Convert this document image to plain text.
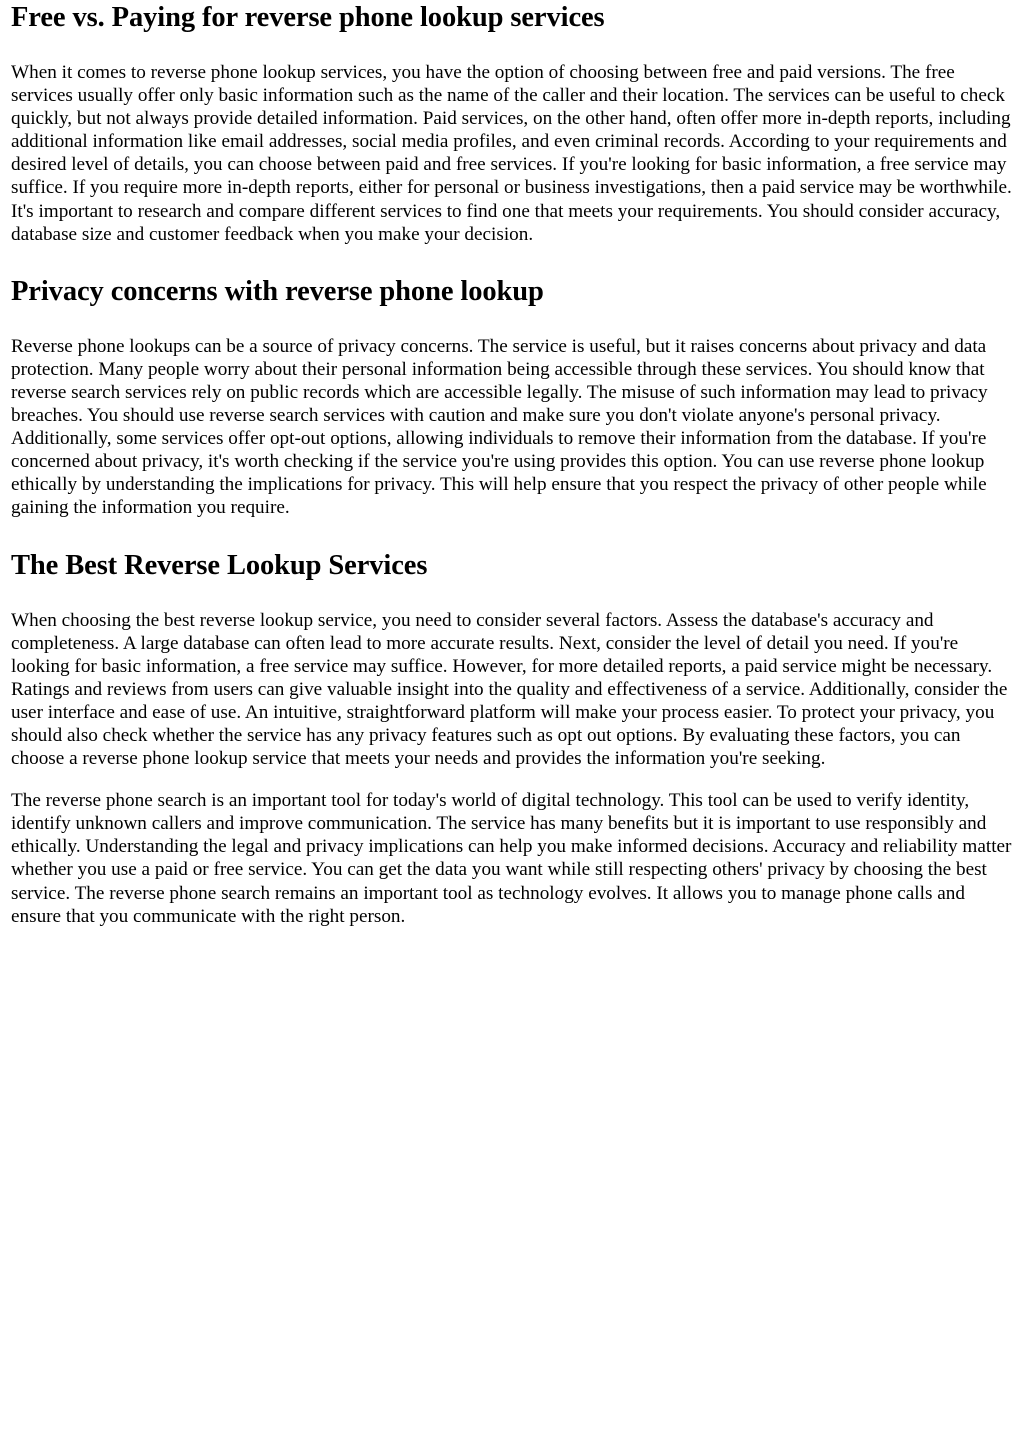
Free vs. Paying for reverse phone lookup services

When it comes to reverse phone lookup services, you have the option of choosing between free and paid versions. The free services usually offer only basic information such as the name of the caller and their location. The services can be useful to check quickly, but not always provide detailed information. Paid services, on the other hand, often offer more in-depth reports, including additional information like email addresses, social media profiles, and even criminal records. According to your requirements and desired level of details, you can choose between paid and free services. If you're looking for basic information, a free service may suffice. If you require more in-depth reports, either for personal or business investigations, then a paid service may be worthwhile. It's important to research and compare different services to find one that meets your requirements. You should consider accuracy, database size and customer feedback when you make your decision.

Privacy concerns with reverse phone lookup

Reverse phone lookups can be a source of privacy concerns. The service is useful, but it raises concerns about privacy and data protection. Many people worry about their personal information being accessible through these services. You should know that reverse search services rely on public records which are accessible legally. The misuse of such information may lead to privacy breaches. You should use reverse search services with caution and make sure you don't violate anyone's personal privacy. Additionally, some services offer opt-out options, allowing individuals to remove their information from the database. If you're concerned about privacy, it's worth checking if the service you're using provides this option. You can use reverse phone lookup ethically by understanding the implications for privacy. This will help ensure that you respect the privacy of other people while gaining the information you require.

The Best Reverse Lookup Services

When choosing the best reverse lookup service, you need to consider several factors. Assess the database's accuracy and completeness. A large database can often lead to more accurate results. Next, consider the level of detail you need. If you're looking for basic information, a free service may suffice. However, for more detailed reports, a paid service might be necessary. Ratings and reviews from users can give valuable insight into the quality and effectiveness of a service. Additionally, consider the user interface and ease of use. An intuitive, straightforward platform will make your process easier. To protect your privacy, you should also check whether the service has any privacy features such as opt out options. By evaluating these factors, you can choose a reverse phone lookup service that meets your needs and provides the information you're seeking.

The reverse phone search is an important tool for today's world of digital technology. This tool can be used to verify identity, identify unknown callers and improve communication. The service has many benefits but it is important to use responsibly and ethically. Understanding the legal and privacy implications can help you make informed decisions. Accuracy and reliability matter whether you use a paid or free service. You can get the data you want while still respecting others' privacy by choosing the best service. The reverse phone search remains an important tool as technology evolves. It allows you to manage phone calls and ensure that you communicate with the right person.
